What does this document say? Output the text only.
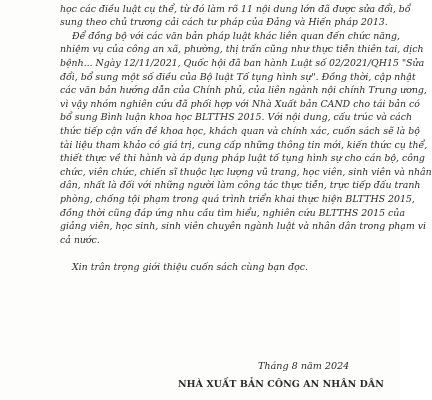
học các điều luật cụ thể, từ đó làm rõ 11 nội dung lớn đã được sửa đổi, bổ
sung theo chủ trương cải cách tư pháp của Đảng và Hiến pháp 2013.
Để đồng bộ với các văn bản pháp luật khác liên quan đến chức năng,
nhiệm vụ của công an xã, phường, thị trấn cũng như thực tiễn thiên tai, dịch
bệnh... Ngày 12/11/2021, Quốc hội đã ban hành Luật số 02/2021/QH15 "Sửa
đổi, bổ sung một số điều của Bộ luật Tố tụng hình sự". Đồng thời, cập nhật
các văn bản hướng dẫn của Chính phủ, của liên ngành nội chính Trung ương,
vì vậy nhóm nghiên cứu đã phối hợp với Nhà Xuất bản CAND cho tái bản có
bổ sung Bình luận khoa học BLTTHS 2015. Với nội dung, cấu trúc và cách
thức tiếp cận vấn đề khoa học, khách quan và chính xác, cuốn sách sẽ là bộ
tài liệu tham khảo có giá trị, cung cấp những thông tin mới, kiến thức cụ thể,
thiết thực về thi hành và áp dụng pháp luật tố tụng hình sự cho cán bộ, công
chức, viên chức, chiến sĩ thuộc lực lượng vũ trang, học viên, sinh viên và nhân
dân, nhất là đối với những người làm công tác thực tiễn, trực tiếp đấu tranh
phòng, chống tội phạm trong quá trình triển khai thực hiện BLTTHS 2015,
đồng thời cũng đáp ứng nhu cầu tìm hiểu, nghiên cứu BLTTHS 2015 của
giảng viên, học sinh, sinh viên chuyên ngành luật và nhân dân trong phạm vi
cả nước.
Xin trân trọng giới thiệu cuốn sách cùng bạn đọc.
Tháng 8 năm 2024
NHÀ XUẤT BẢN CÔNG AN NHÂN DÂN
